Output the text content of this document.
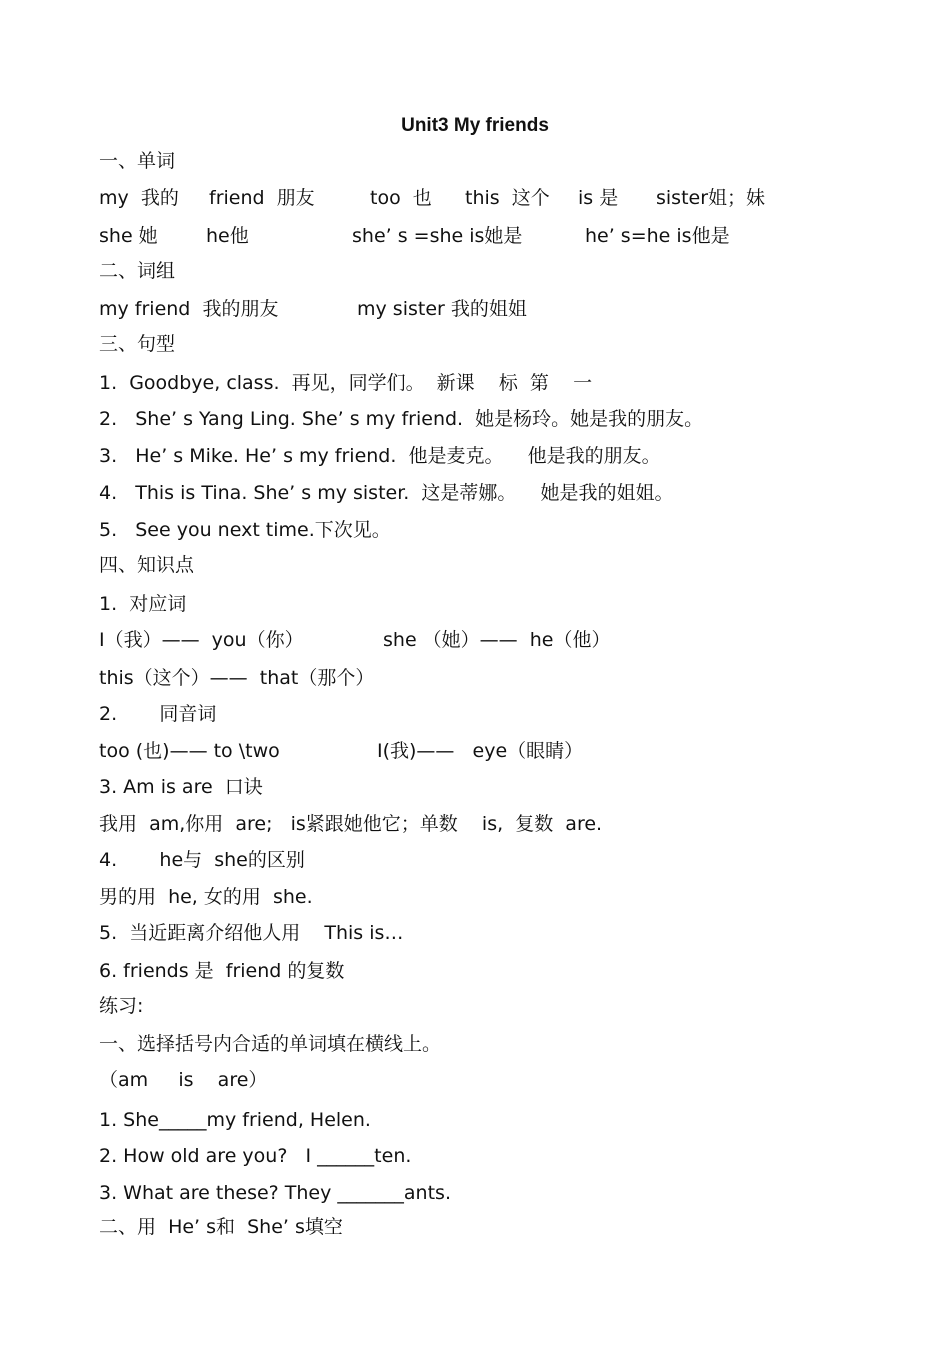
Unit3 My friends
一、单词
my  我的 friend  朋友	too  也 this  这个 is 是 sister姐；妹
she 她	he他	she’ s =she is她是	he’ s=he is他是
二、词组
my friend  我的朋友	my sister 我的姐姐
三、句型
1.  Goodbye, class.  再见，同学们。  新课    标  第    一
2.   She’ s Yang Ling. She’ s my friend.  她是杨玲。她是我的朋友。
3.   He’ s Mike. He’ s my friend.  他是麦克。    他是我的朋友。
4.   This is Tina. She’ s my sister.  这是蒂娜。    她是我的姐姐。
5.   See you next time.下次见。
四、知识点
1.  对应词
I（我）——  you（你）	she （她）——  he（他）
this（这个）——  that（那个）
2.       同音词
too (也)—— to \two	I(我)——   eye（眼睛）
3. Am is are  口诀
我用  am,你用  are;   is紧跟她他它；单数    is,  复数  are.
4.       he与  she的区别
男的用  he, 女的用  she.
5.  当近距离介绍他人用    This is…
6. friends 是  friend 的复数
练习:
一、选择括号内合适的单词填在横线上。
（am     is    are）
1. She_____my friend, Helen.
2. How old are you?   I ______ten.
3. What are these? They _______ants.
二、用  He’ s和  She’ s填空
